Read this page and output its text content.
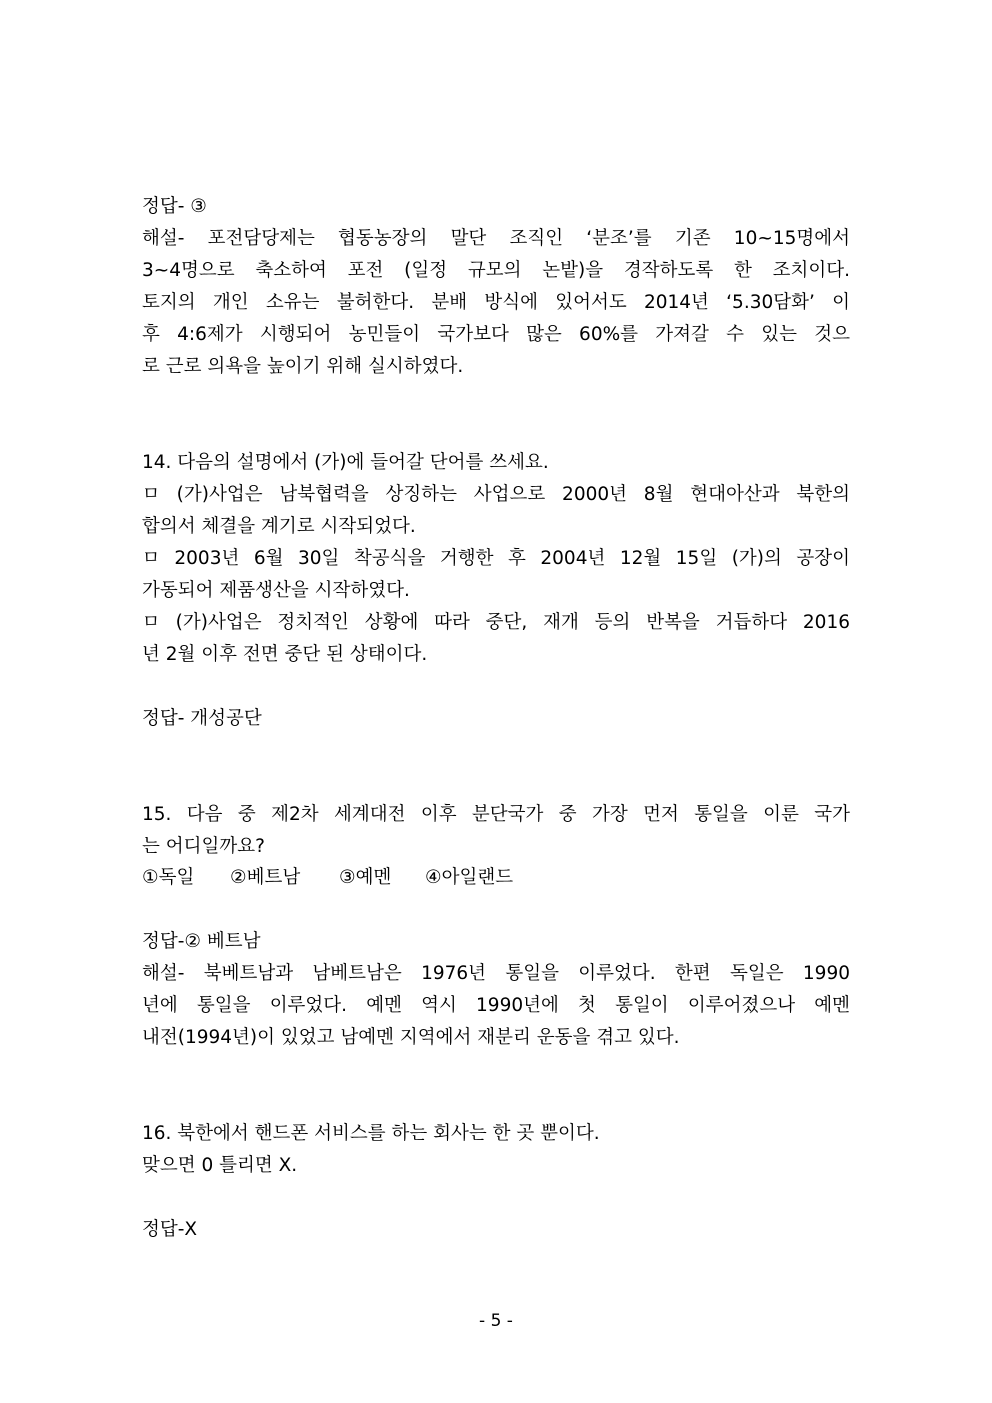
정답- ③
해설- 포전담당제는 협동농장의 말단 조직인 ‘분조’를 기존 10~15명에서
3~4명으로 축소하여 포전 (일정 규모의 논밭)을 경작하도록 한 조치이다.
토지의 개인 소유는 불허한다. 분배 방식에 있어서도 2014년 ‘5.30담화’ 이
후 4:6제가 시행되어 농민들이 국가보다 많은 60%를 가져갈 수 있는 것으
로 근로 의욕을 높이기 위해 실시하였다.
14. 다음의 설명에서 (가)에 들어갈 단어를 쓰세요.
ㅁ (가)사업은 남북협력을 상징하는 사업으로 2000년 8월 현대아산과 북한의
합의서 체결을 계기로 시작되었다.
ㅁ 2003년 6월 30일 착공식을 거행한 후 2004년 12월 15일 (가)의 공장이
가동되어 제품생산을 시작하였다.
ㅁ (가)사업은 정치적인 상황에 따라 중단, 재개 등의 반복을 거듭하다 2016
년 2월 이후 전면 중단 된 상태이다.
정답- 개성공단
15. 다음 중 제2차 세계대전 이후 분단국가 중 가장 먼저 통일을 이룬 국가
는 어디일까요?
①독일 ②베트남 ③예멘 ④아일랜드
정답-② 베트남
해설- 북베트남과 남베트남은 1976년 통일을 이루었다. 한편 독일은 1990
년에 통일을 이루었다. 예멘 역시 1990년에 첫 통일이 이루어졌으나 예멘
내전(1994년)이 있었고 남예멘 지역에서 재분리 운동을 겪고 있다.
16. 북한에서 핸드폰 서비스를 하는 회사는 한 곳 뿐이다.
맞으면 0 틀리면 X.
정답-X
- 5 -
